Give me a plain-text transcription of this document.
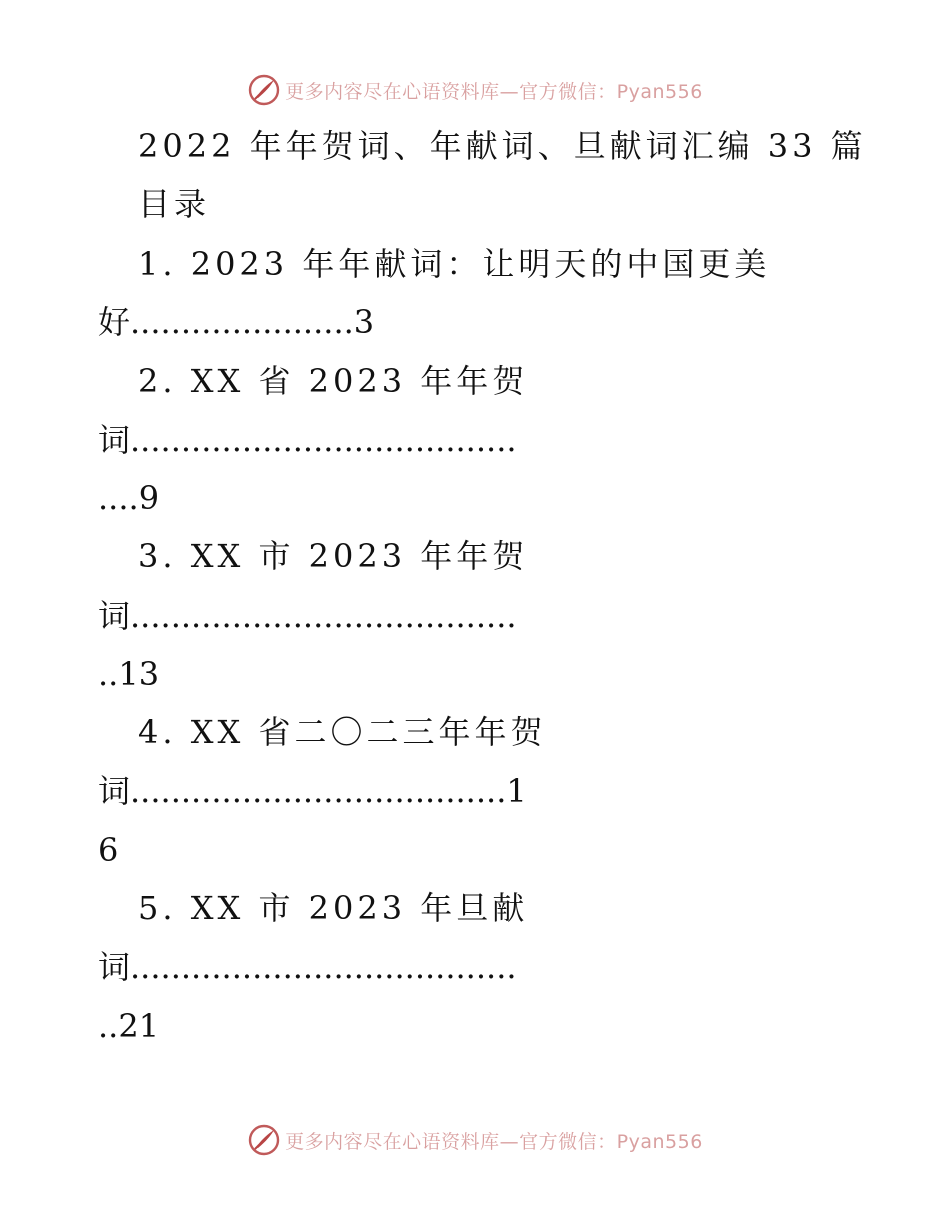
更多内容尽在心语资料库—官方微信：Pyan556
2022 年年贺词、年献词、旦献词汇编 33 篇
目录
1. 2023 年年献词：让明天的中国更美
好......................3
2. XX 省 2023 年年贺
词......................................
....9
3. XX 市 2023 年年贺
词......................................
..13
4. XX 省二〇二三年年贺
词.....................................1
6
5. XX 市 2023 年旦献
词......................................
..21
更多内容尽在心语资料库—官方微信：Pyan556
